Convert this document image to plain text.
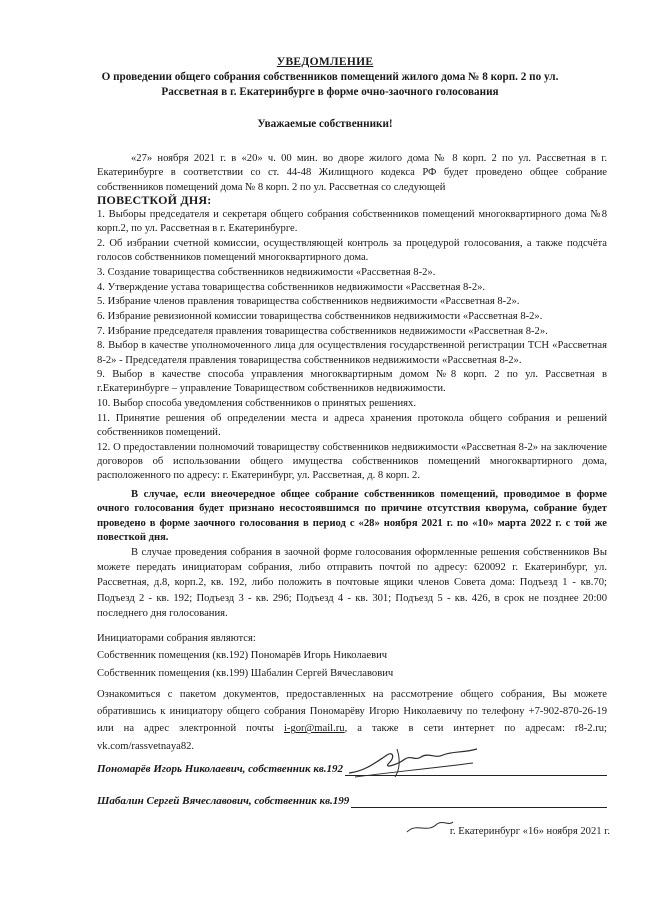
УВЕДОМЛЕНИЕ
О проведении общего собрания собственников помещений жилого дома № 8 корп. 2 по ул. Рассветная в г. Екатеринбурге в форме очно-заочного голосования
Уважаемые собственники!
«27» ноября 2021 г. в «20» ч. 00 мин. во дворе жилого дома № 8 корп. 2 по ул. Рассветная в г. Екатеринбурге в соответствии со ст. 44-48 Жилищного кодекса РФ будет проведено общее собрание собственников помещений дома № 8 корп. 2 по ул. Рассветная со следующей
ПОВЕСТКОЙ ДНЯ:
1. Выборы председателя и секретаря общего собрания собственников помещений многоквартирного дома №8 корп.2, по ул. Рассветная в г. Екатеринбурге.
2. Об избрании счетной комиссии, осуществляющей контроль за процедурой голосования, а также подсчёта голосов собственников помещений многоквартирного дома.
3. Создание товарищества собственников недвижимости «Рассветная 8-2».
4. Утверждение устава товарищества собственников недвижимости «Рассветная 8-2».
5. Избрание членов правления товарищества собственников недвижимости «Рассветная 8-2».
6. Избрание ревизионной комиссии товарищества собственников недвижимости «Рассветная 8-2».
7. Избрание председателя правления товарищества собственников недвижимости «Рассветная 8-2».
8. Выбор в качестве уполномоченного лица для осуществления государственной регистрации ТСН «Рассветная 8-2» - Председателя правления товарищества собственников недвижимости «Рассветная 8-2».
9. Выбор в качестве способа управления многоквартирным домом №8 корп. 2 по ул. Рассветная в г.Екатеринбурге – управление Товариществом собственников недвижимости.
10. Выбор способа уведомления собственников о принятых решениях.
11. Принятие решения об определении места и адреса хранения протокола общего собрания и решений собственников помещений.
12. О предоставлении полномочий товариществу собственников недвижимости «Рассветная 8-2» на заключение договоров об использовании общего имущества собственников помещений многоквартирного дома, расположенного по адресу: г. Екатеринбург, ул. Рассветная, д. 8 корп. 2.
В случае, если внеочередное общее собрание собственников помещений, проводимое в форме очного голосования будет признано несостоявшимся по причине отсутствия кворума, собрание будет проведено в форме заочного голосования в период с «28» ноября 2021 г. по «10» марта 2022 г. с той же повесткой дня.
В случае проведения собрания в заочной форме голосования оформленные решения собственников Вы можете передать инициаторам собрания, либо отправить почтой по адресу: 620092 г. Екатеринбург, ул. Рассветная, д.8, корп.2, кв. 192, либо положить в почтовые ящики членов Совета дома: Подъезд 1 - кв.70; Подъезд 2 - кв. 192; Подъезд 3 - кв. 296; Подъезд 4 - кв. 301; Подъезд 5 - кв. 426, в срок не позднее 20:00 последнего дня голосования.
Инициаторами собрания являются:
Собственник помещения (кв.192) Пономарёв Игорь Николаевич
Собственник помещения (кв.199) Шабалин Сергей Вячеславович
Ознакомиться с пакетом документов, предоставленных на рассмотрение общего собрания, Вы можете обратившись к инициатору общего собрания Пономарёву Игорю Николаевичу по телефону +7-902-870-26-19 или на адрес электронной почты i-gor@mail.ru, а также в сети интернет по адресам: r8-2.ru; vk.com/rassvetnaya82.
Пономарёв Игорь Николаевич, собственник кв.192
Шабалин Сергей Вячеславович, собственник кв.199
г. Екатеринбург «16» ноября 2021 г.
